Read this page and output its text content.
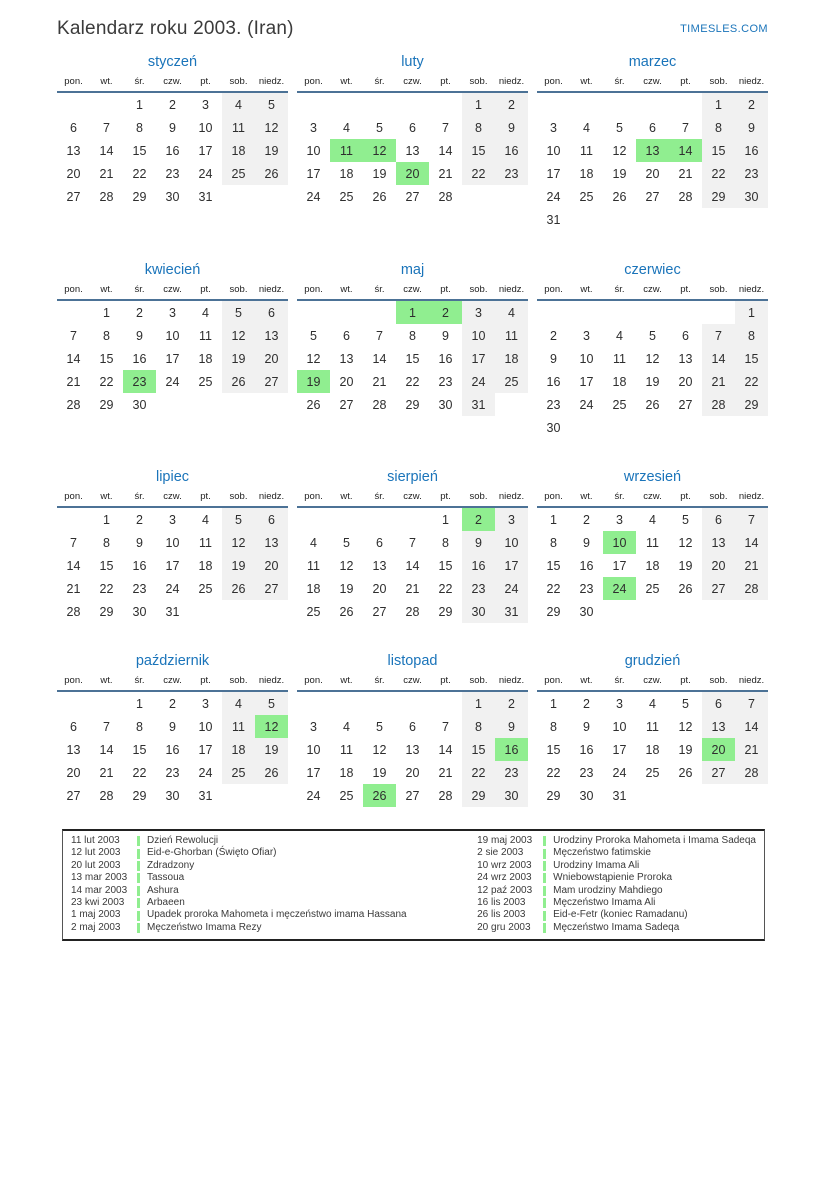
Kalendarz roku 2003. (Iran)	TIMESLES.COM
styczeń
pon.	wt.	śr.	czw.	pt.	sob.	niedz.
		1	2	3	4	5
6	7	8	9	10	11	12
13	14	15	16	17	18	19
20	21	22	23	24	25	26
27	28	29	30	31		
luty
pon.	wt.	śr.	czw.	pt.	sob.	niedz.
					1	2
3	4	5	6	7	8	9
10	11	12	13	14	15	16
17	18	19	20	21	22	23
24	25	26	27	28		
marzec
pon.	wt.	śr.	czw.	pt.	sob.	niedz.
					1	2
3	4	5	6	7	8	9
10	11	12	13	14	15	16
17	18	19	20	21	22	23
24	25	26	27	28	29	30
31						
kwiecień
pon.	wt.	śr.	czw.	pt.	sob.	niedz.
	1	2	3	4	5	6
7	8	9	10	11	12	13
14	15	16	17	18	19	20
21	22	23	24	25	26	27
28	29	30				
maj
pon.	wt.	śr.	czw.	pt.	sob.	niedz.
			1	2	3	4
5	6	7	8	9	10	11
12	13	14	15	16	17	18
19	20	21	22	23	24	25
26	27	28	29	30	31	
czerwiec
pon.	wt.	śr.	czw.	pt.	sob.	niedz.
						1
2	3	4	5	6	7	8
9	10	11	12	13	14	15
16	17	18	19	20	21	22
23	24	25	26	27	28	29
30						
lipiec
pon.	wt.	śr.	czw.	pt.	sob.	niedz.
	1	2	3	4	5	6
7	8	9	10	11	12	13
14	15	16	17	18	19	20
21	22	23	24	25	26	27
28	29	30	31			
sierpień
pon.	wt.	śr.	czw.	pt.	sob.	niedz.
				1	2	3
4	5	6	7	8	9	10
11	12	13	14	15	16	17
18	19	20	21	22	23	24
25	26	27	28	29	30	31
wrzesień
pon.	wt.	śr.	czw.	pt.	sob.	niedz.
1	2	3	4	5	6	7
8	9	10	11	12	13	14
15	16	17	18	19	20	21
22	23	24	25	26	27	28
29	30					
październik
pon.	wt.	śr.	czw.	pt.	sob.	niedz.
		1	2	3	4	5
6	7	8	9	10	11	12
13	14	15	16	17	18	19
20	21	22	23	24	25	26
27	28	29	30	31		
listopad
pon.	wt.	śr.	czw.	pt.	sob.	niedz.
					1	2
3	4	5	6	7	8	9
10	11	12	13	14	15	16
17	18	19	20	21	22	23
24	25	26	27	28	29	30
grudzień
pon.	wt.	śr.	czw.	pt.	sob.	niedz.
1	2	3	4	5	6	7
8	9	10	11	12	13	14
15	16	17	18	19	20	21
22	23	24	25	26	27	28
29	30	31				
11 lut 2003	Dzień Rewolucji
12 lut 2003	Eid-e-Ghorban (Święto Ofiar)
20 lut 2003	Zdradzony
13 mar 2003	Tassoua
14 mar 2003	Ashura
23 kwi 2003	Arbaeen
1 maj 2003	Upadek proroka Mahometa i męczeństwo imama Hassana
2 maj 2003	Męczeństwo Imama Rezy
19 maj 2003	Urodziny Proroka Mahometa i Imama Sadeqa
2 sie 2003	Męczeństwo fatimskie
10 wrz 2003	Urodziny Imama Ali
24 wrz 2003	Wniebowstąpienie Proroka
12 paź 2003	Mam urodziny Mahdiego
16 lis 2003	Męczeństwo Imama Ali
26 lis 2003	Eid-e-Fetr (koniec Ramadanu)
20 gru 2003	Męczeństwo Imama Sadeqa
